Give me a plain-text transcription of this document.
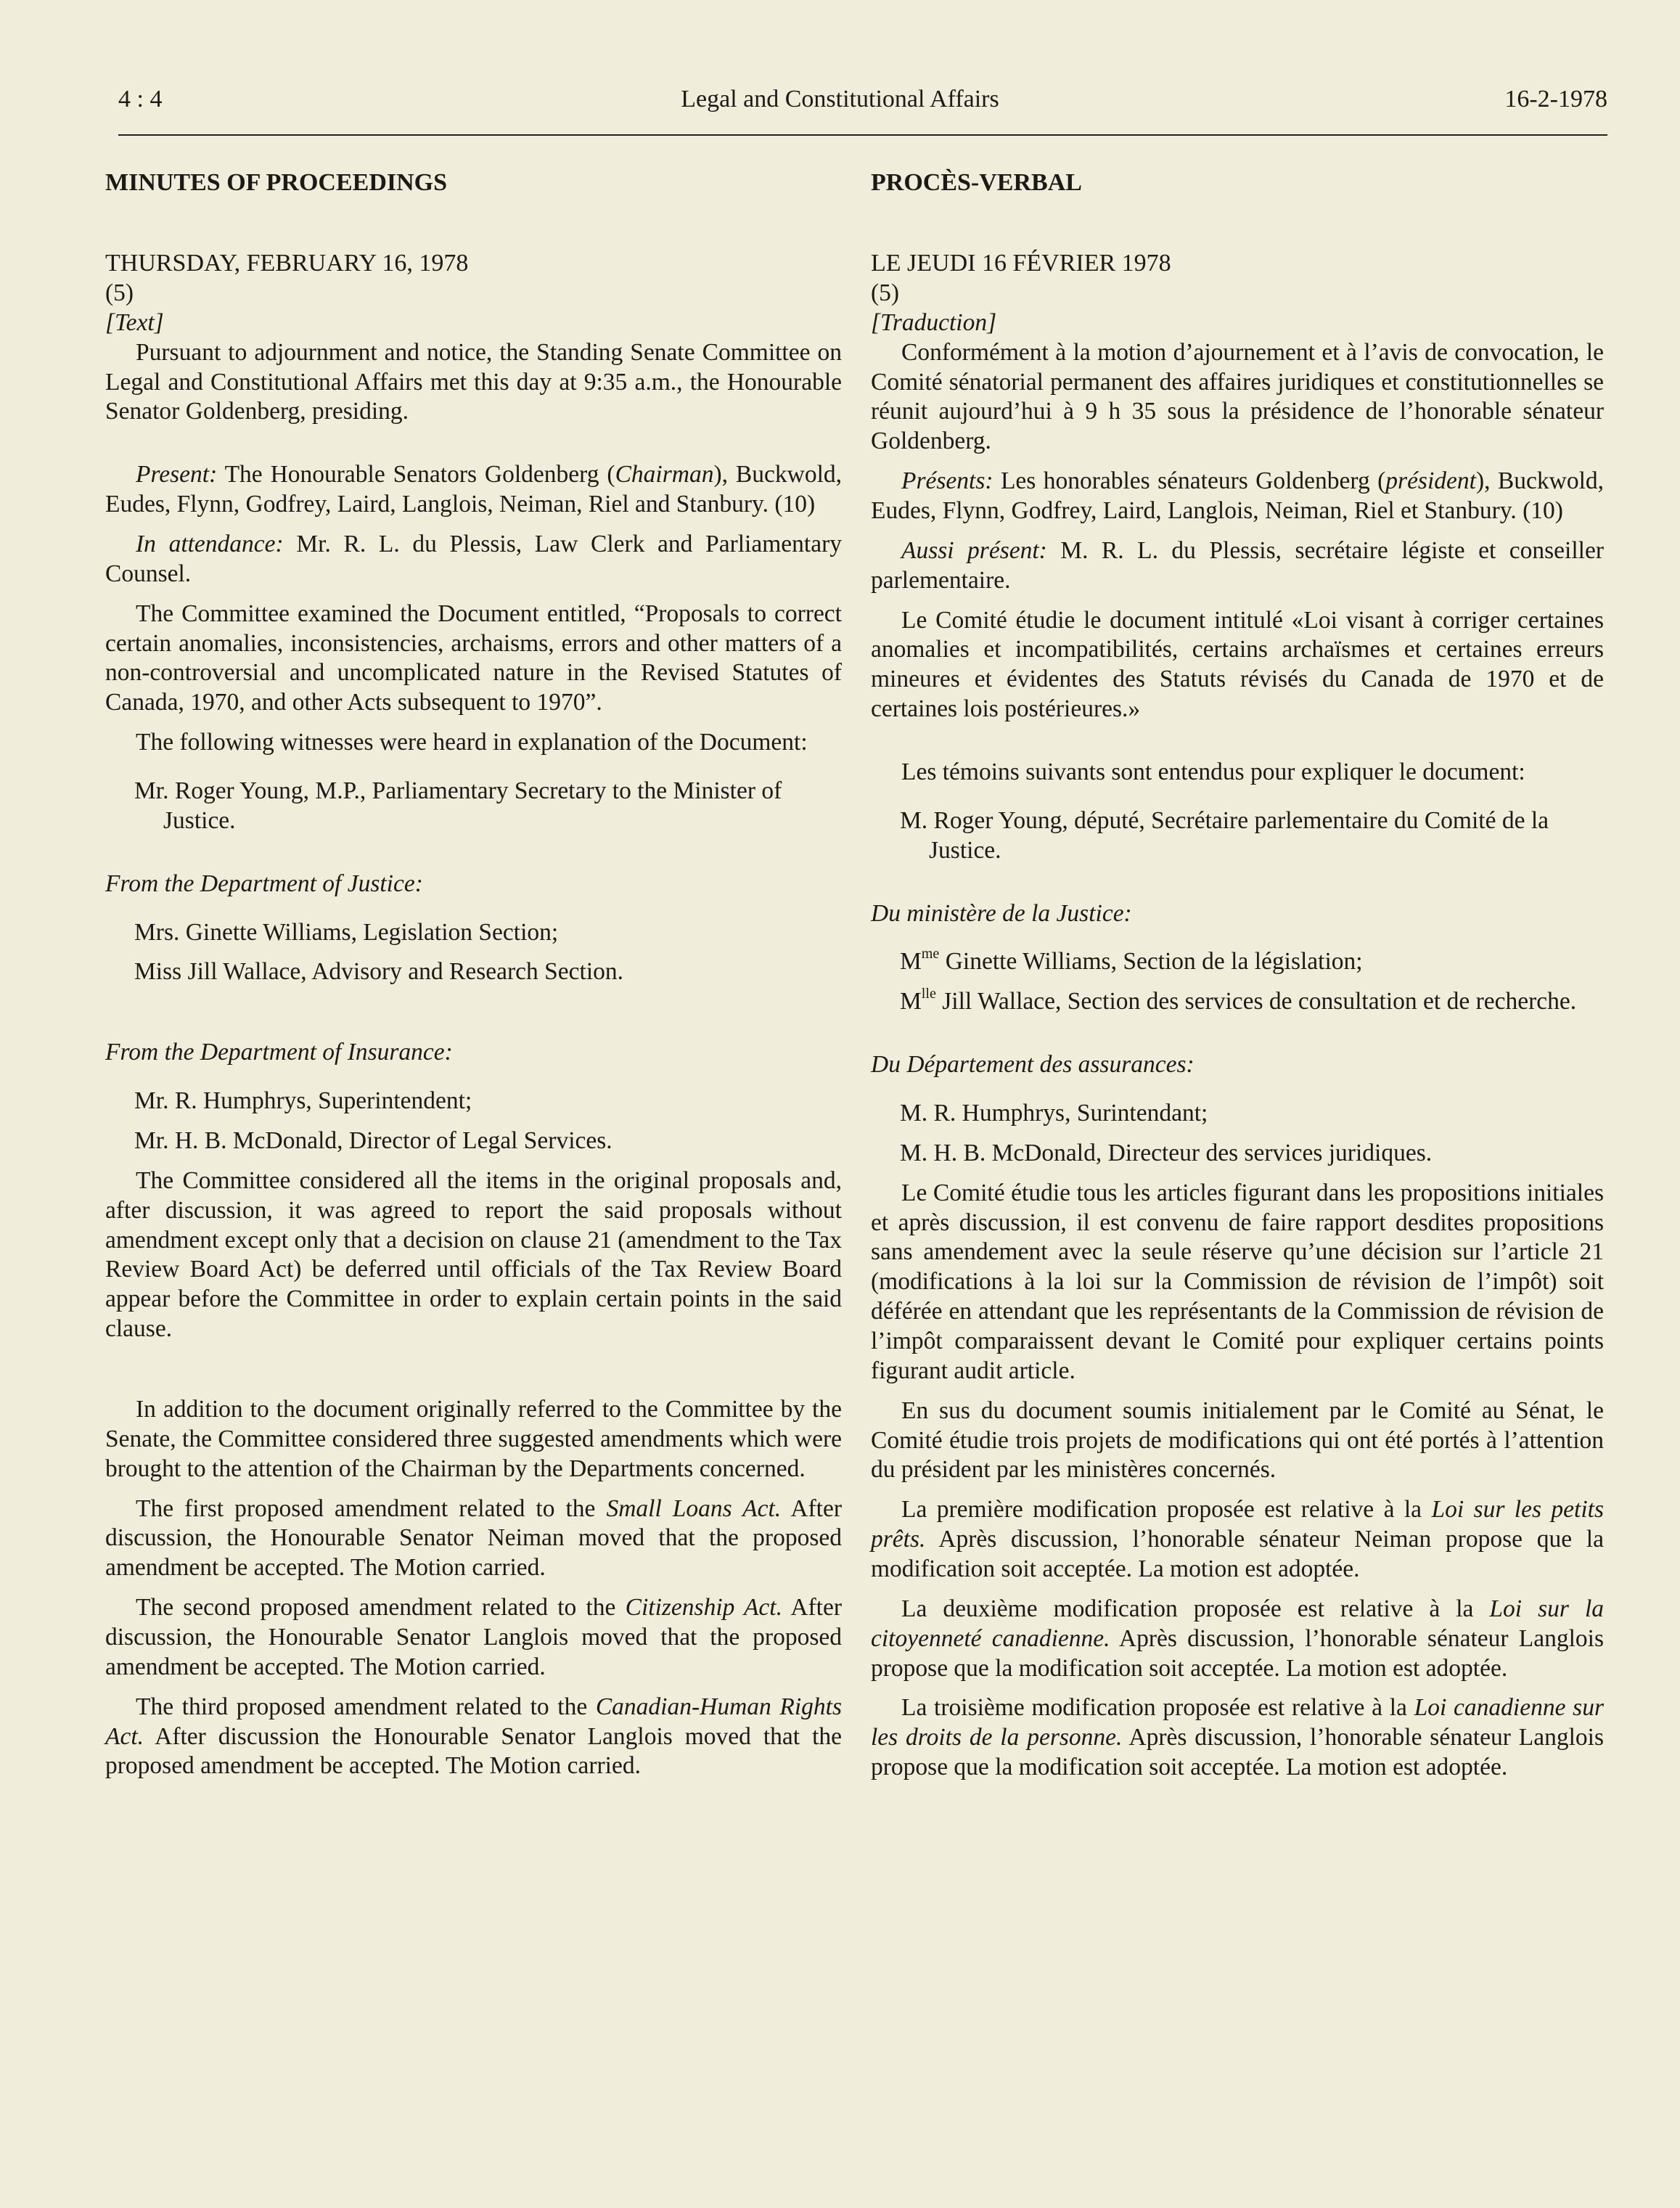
4 : 4	Legal and Constitutional Affairs	16-2-1978

MINUTES OF PROCEEDINGS

THURSDAY, FEBRUARY 16, 1978

(5)

[Text]

Pursuant to adjournment and notice, the Standing Senate Committee on Legal and Constitutional Affairs met this day at 9:35 a.m., the Honourable Senator Goldenberg, presiding.

Present: The Honourable Senators Goldenberg (Chairman), Buckwold, Eudes, Flynn, Godfrey, Laird, Langlois, Neiman, Riel and Stanbury. (10)

In attendance: Mr. R. L. du Plessis, Law Clerk and Parliamentary Counsel.

The Committee examined the Document entitled, “Proposals to correct certain anomalies, inconsistencies, archaisms, errors and other matters of a non-controversial and uncomplicated nature in the Revised Statutes of Canada, 1970, and other Acts subsequent to 1970”.

The following witnesses were heard in explanation of the Document:

Mr. Roger Young, M.P., Parliamentary Secretary to the Minister of Justice.

From the Department of Justice:

Mrs. Ginette Williams, Legislation Section;

Miss Jill Wallace, Advisory and Research Section.

From the Department of Insurance:

Mr. R. Humphrys, Superintendent;

Mr. H. B. McDonald, Director of Legal Services.

The Committee considered all the items in the original proposals and, after discussion, it was agreed to report the said proposals without amendment except only that a decision on clause 21 (amendment to the Tax Review Board Act) be deferred until officials of the Tax Review Board appear before the Committee in order to explain certain points in the said clause.

In addition to the document originally referred to the Committee by the Senate, the Committee considered three suggested amendments which were brought to the attention of the Chairman by the Departments concerned.

The first proposed amendment related to the Small Loans Act. After discussion, the Honourable Senator Neiman moved that the proposed amendment be accepted. The Motion carried.

The second proposed amendment related to the Citizenship Act. After discussion, the Honourable Senator Langlois moved that the proposed amendment be accepted. The Motion carried.

The third proposed amendment related to the Canadian-Human Rights Act. After discussion the Honourable Senator Langlois moved that the proposed amendment be accepted. The Motion carried.

PROCÈS-VERBAL

LE JEUDI 16 FÉVRIER 1978

(5)

[Traduction]

Conformément à la motion d’ajournement et à l’avis de convocation, le Comité sénatorial permanent des affaires juridiques et constitutionnelles se réunit aujourd’hui à 9 h 35 sous la présidence de l’honorable sénateur Goldenberg.

Présents: Les honorables sénateurs Goldenberg (président), Buckwold, Eudes, Flynn, Godfrey, Laird, Langlois, Neiman, Riel et Stanbury. (10)

Aussi présent: M. R. L. du Plessis, secrétaire légiste et conseiller parlementaire.

Le Comité étudie le document intitulé «Loi visant à corriger certaines anomalies et incompatibilités, certains archaïsmes et certaines erreurs mineures et évidentes des Statuts révisés du Canada de 1970 et de certaines lois postérieures.»

Les témoins suivants sont entendus pour expliquer le document:

M. Roger Young, député, Secrétaire parlementaire du Comité de la Justice.

Du ministère de la Justice:

$M^{me}$ Ginette Williams, Section de la législation;

$M^{lle}$ Jill Wallace, Section des services de consultation et de recherche.

Du Département des assurances:

M. R. Humphrys, Surintendant;

M. H. B. McDonald, Directeur des services juridiques.

Le Comité étudie tous les articles figurant dans les propositions initiales et après discussion, il est convenu de faire rapport desdites propositions sans amendement avec la seule réserve qu’une décision sur l’article 21 (modifications à la loi sur la Commission de révision de l’impôt) soit déférée en attendant que les représentants de la Commission de révision de l’impôt comparaissent devant le Comité pour expliquer certains points figurant audit article.

En sus du document soumis initialement par le Comité au Sénat, le Comité étudie trois projets de modifications qui ont été portés à l’attention du président par les ministères concernés.

La première modification proposée est relative à la Loi sur les petits prêts. Après discussion, l’honorable sénateur Neiman propose que la modification soit acceptée. La motion est adoptée.

La deuxième modification proposée est relative à la Loi sur la citoyenneté canadienne. Après discussion, l’honorable sénateur Langlois propose que la modification soit acceptée. La motion est adoptée.

La troisième modification proposée est relative à la Loi canadienne sur les droits de la personne. Après discussion, l’honorable sénateur Langlois propose que la modification soit acceptée. La motion est adoptée.
